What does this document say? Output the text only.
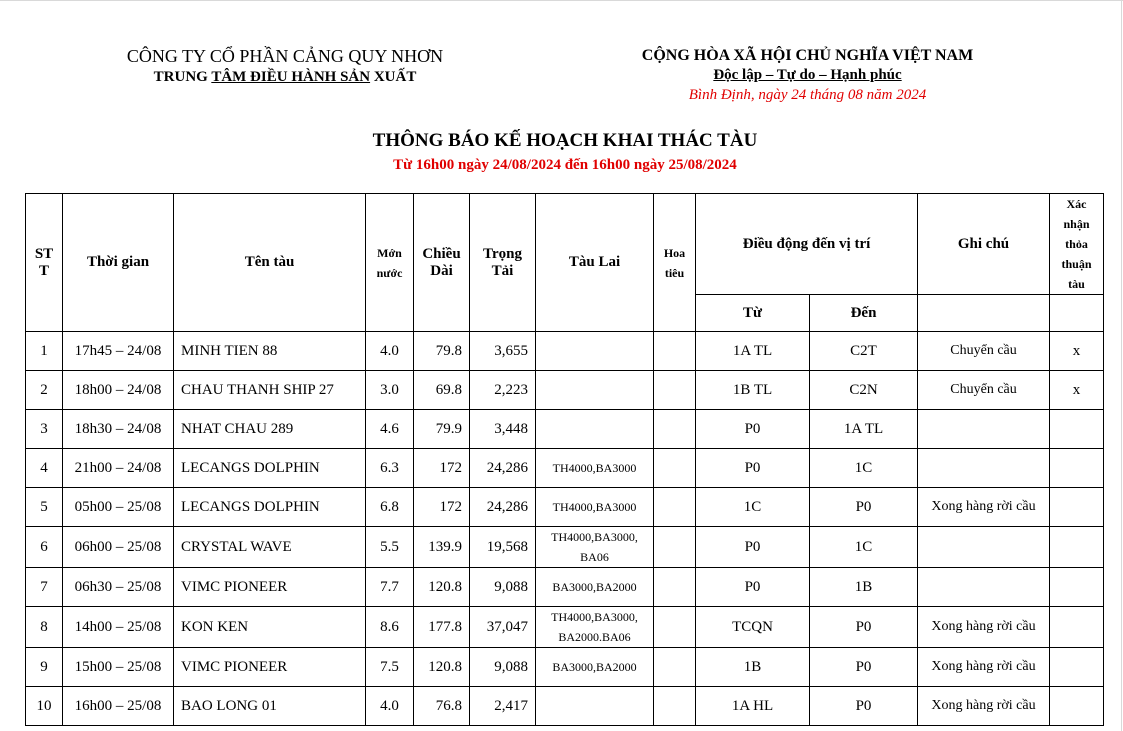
CÔNG TY CỔ PHẦN CẢNG QUY NHƠN
TRUNG TÂM ĐIỀU HÀNH SẢN XUẤT
CỘNG HÒA XÃ HỘI CHỦ NGHĨA VIỆT NAM
Độc lập – Tự do – Hạnh phúc
Bình Định, ngày 24 tháng 08 năm 2024
THÔNG BÁO KẾ HOẠCH KHAI THÁC TÀU
Từ 16h00 ngày 24/08/2024 đến 16h00 ngày 25/08/2024
ST
T	Thời gian	Tên tàu	Mớn
nước	Chiều
Dài	Trọng
Tải	Tàu Lai	Hoa
tiêu	Điều động đến vị trí		Ghi chú	Xác
nhận
thỏa
thuận
tàu
								Từ	Đến		
1	17h45 – 24/08	MINH TIEN 88	4.0	79.8	3,655			1A TL	C2T	Chuyển cầu	x
2	18h00 – 24/08	CHAU THANH SHIP 27	3.0	69.8	2,223			1B TL	C2N	Chuyển cầu	x
3	18h30 – 24/08	NHAT CHAU 289	4.6	79.9	3,448			P0	1A TL		
4	21h00 – 24/08	LECANGS DOLPHIN	6.3	172	24,286	TH4000,BA3000		P0	1C		
5	05h00 – 25/08	LECANGS DOLPHIN	6.8	172	24,286	TH4000,BA3000		1C	P0	Xong hàng rời cầu	
6	06h00 – 25/08	CRYSTAL WAVE	5.5	139.9	19,568	TH4000,BA3000,
BA06		P0	1C		
7	06h30 – 25/08	VIMC PIONEER	7.7	120.8	9,088	BA3000,BA2000		P0	1B		
8	14h00 – 25/08	KON KEN	8.6	177.8	37,047	TH4000,BA3000,
BA2000.BA06		TCQN	P0	Xong hàng rời cầu	
9	15h00 – 25/08	VIMC PIONEER	7.5	120.8	9,088	BA3000,BA2000		1B	P0	Xong hàng rời cầu	
10	16h00 – 25/08	BAO LONG 01	4.0	76.8	2,417			1A HL	P0	Xong hàng rời cầu	
